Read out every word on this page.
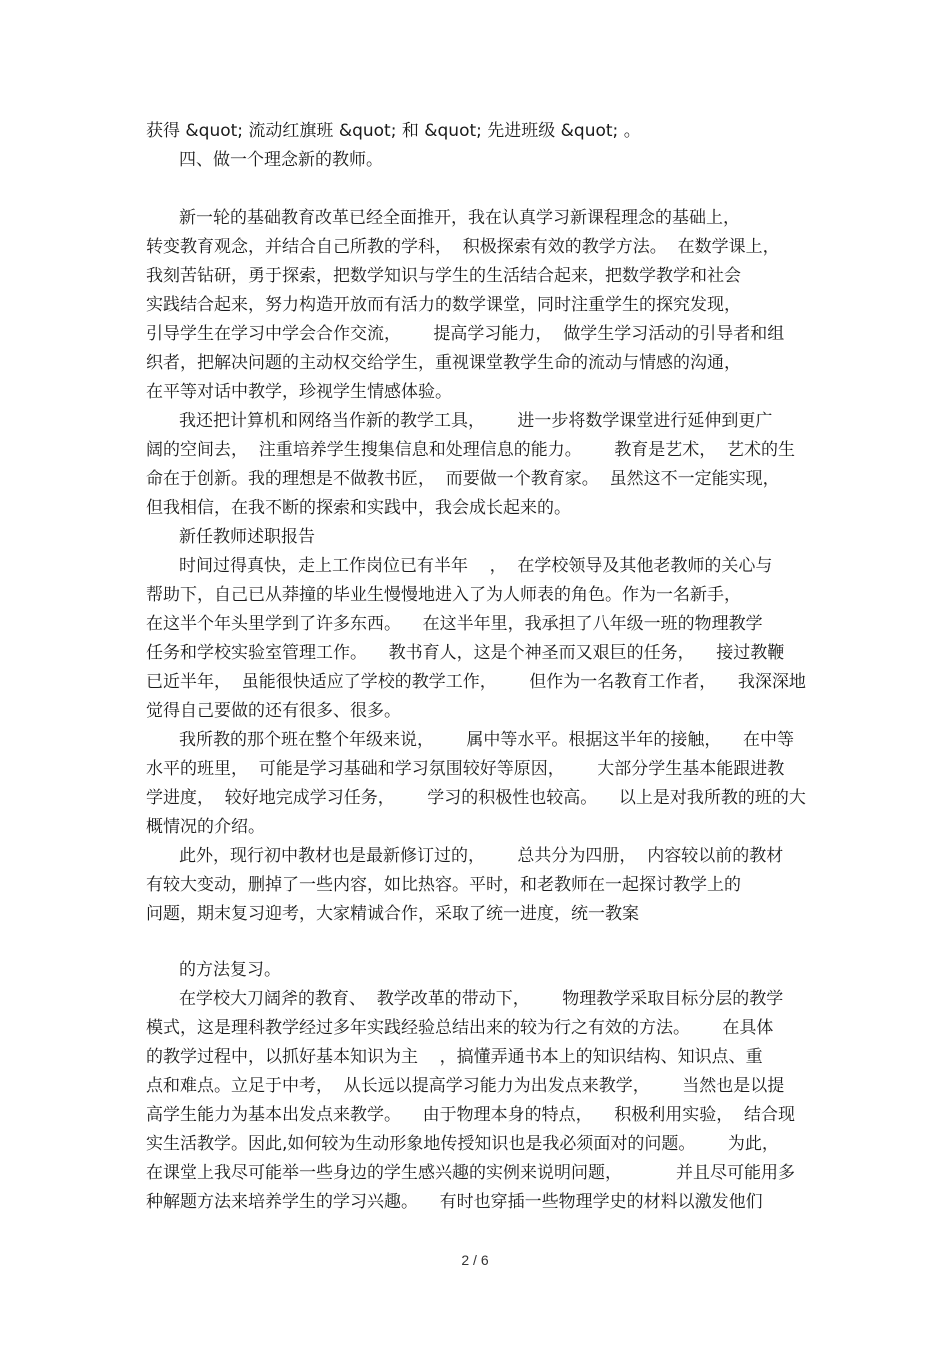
获得 &quot; 流动红旗班 &quot; 和 &quot; 先进班级 &quot; 。
四、做一个理念新的教师。
新一轮的基础教育改革已经全面推开，我在认真学习新课程理念的基础上，
转变教育观念，并结合自己所教的学科，  积极探索有效的教学方法。  在数学课上，
我刻苦钻研，勇于探索，把数学知识与学生的生活结合起来，把数学教学和社会
实践结合起来，努力构造开放而有活力的数学课堂，同时注重学生的探究发现，
引导学生在学习中学会合作交流，      提高学习能力，  做学生学习活动的引导者和组
织者，把解决问题的主动权交给学生，重视课堂教学生命的流动与情感的沟通，
在平等对话中教学，珍视学生情感体验。
我还把计算机和网络当作新的教学工具，      进一步将数学课堂进行延伸到更广
阔的空间去，  注重培养学生搜集信息和处理信息的能力。      教育是艺术，  艺术的生
命在于创新。我的理想是不做教书匠，  而要做一个教育家。  虽然这不一定能实现，
但我相信，在我不断的探索和实践中，我会成长起来的。
新任教师述职报告
时间过得真快，走上工作岗位已有半年    ，  在学校领导及其他老教师的关心与
帮助下，自己已从莽撞的毕业生慢慢地进入了为人师表的角色。作为一名新手，
在这半个年头里学到了许多东西。    在这半年里，我承担了八年级一班的物理教学
任务和学校实验室管理工作。    教书育人，这是个神圣而又艰巨的任务，    接过教鞭
已近半年，  虽能很快适应了学校的教学工作，      但作为一名教育工作者，    我深深地
觉得自己要做的还有很多、很多。
我所教的那个班在整个年级来说，      属中等水平。根据这半年的接触，    在中等
水平的班里，  可能是学习基础和学习氛围较好等原因，      大部分学生基本能跟进教
学进度，  较好地完成学习任务，      学习的积极性也较高。    以上是对我所教的班的大
概情况的介绍。
此外，现行初中教材也是最新修订过的，      总共分为四册，  内容较以前的教材
有较大变动，删掉了一些内容，如比热容。平时，和老教师在一起探讨教学上的
问题，期末复习迎考，大家精诚合作，采取了统一进度，统一教案
的方法复习。
在学校大刀阔斧的教育、  教学改革的带动下，      物理教学采取目标分层的教学
模式，这是理科教学经过多年实践经验总结出来的较为行之有效的方法。      在具体
的教学过程中，以抓好基本知识为主    ，搞懂弄通书本上的知识结构、知识点、重
点和难点。立足于中考，  从长远以提高学习能力为出发点来教学，      当然也是以提
高学生能力为基本出发点来教学。    由于物理本身的特点，    积极利用实验，  结合现
实生活教学。因此,如何较为生动形象地传授知识也是我必须面对的问题。      为此，
在课堂上我尽可能举一些身边的学生感兴趣的实例来说明问题，          并且尽可能用多
种解题方法来培养学生的学习兴趣。    有时也穿插一些物理学史的材料以激发他们
2 / 6
